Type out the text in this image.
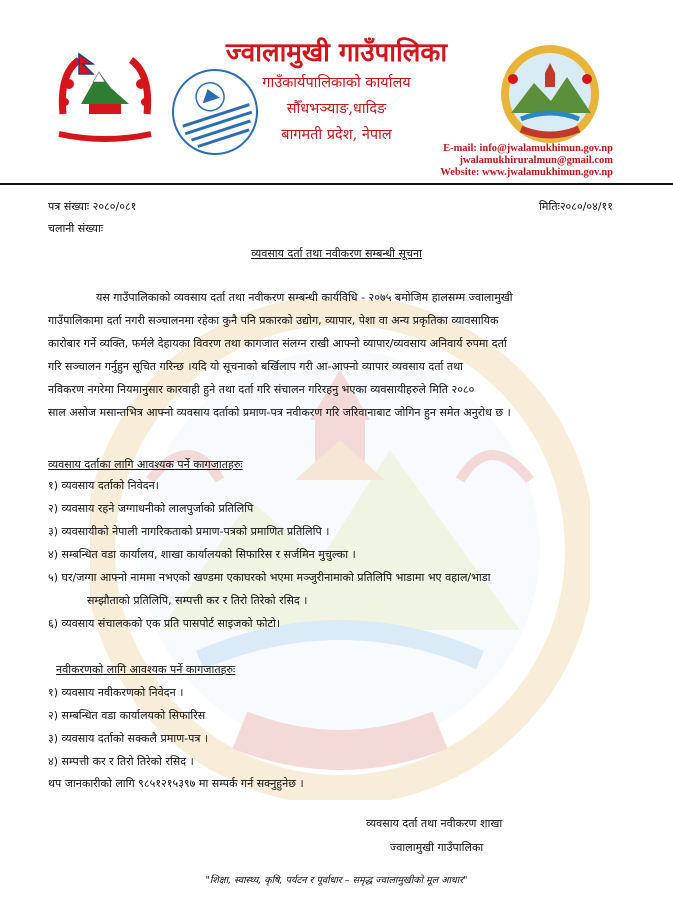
ज्वालामुखी गाउँपालिका
गाउँकार्यपालिकाको कार्यालय
सौँधभञ्याङ,धादिङ
बागमती प्रदेश, नेपाल
E-mail: info@jwalamukhimun.gov.np
jwalamukhiruralmun@gmail.com
Website: www.jwalamukhimun.gov.np
पत्र संख्याः २०८०/०८१	मितिः२०८०/०४/११
चलानी संख्याः
व्यवसाय दर्ता तथा नवीकरण सम्बन्धी सूचना
यस गाउँपालिकाको व्यवसाय दर्ता तथा नवीकरण सम्बन्धी कार्यविधि - २०७५ बमोजिम हालसम्म ज्वालामुखी
गाउँपालिकामा दर्ता नगरी सञ्चालनमा रहेका कुनै पनि प्रकारको उद्योग, व्यापार, पेशा वा अन्य प्रकृतिका व्यावसायिक
कारोबार गर्ने व्यक्ति, फर्मले देहायका विवरण तथा कागजात संलग्न राखी आफ्नो व्यापार/व्यवसाय अनिवार्य रुपमा दर्ता
गरि सञ्चालन गर्नुहुन सूचित गरिन्छ ।यदि यो सूचनाको बर्खिलाप गरी आ-आफ्नो व्यापार व्यवसाय दर्ता तथा
नविकरण नगरेमा नियमानुसार कारवाही हुने तथा दर्ता गरि संचालन गरिरहनु भएका व्यवसायीहरुले मिति २०८०
साल असोज मसान्तभित्र आफ्नो व्यवसाय दर्ताको प्रमाण-पत्र नवीकरण गरि जरिवानाबाट जोगिन हुन समेत अनुरोध छ ।
व्यवसाय दर्ताका लागि आवश्यक पर्ने कागजातहरुः
१) व्यवसाय दर्ताको निवेदन।
२) व्यवसाय रहने जग्गाधनीको लालपुर्जाको प्रतिलिपि
३) व्यवसायीको नेपाली नागरिकताको प्रमाण-पत्रको प्रमाणित प्रतिलिपि ।
४) सम्बन्धित वडा कार्यालय, शाखा कार्यालयको सिफारिस र सर्जमिन मुचुल्का ।
५) घर/जग्गा आफ्नो नाममा नभएको खण्डमा एकाघरको भएमा मञ्जुरीनामाको प्रतिलिपि भाडामा भए वहाल/भाडा
सम्झौताको प्रतिलिपि, सम्पत्ती कर र तिरो तिरेको रसिद ।
६) व्यवसाय संचालकको एक प्रति पासपोर्ट साइजको फोटो।
नवीकरणको लागि आवश्यक पर्ने कागजातहरुः
१) व्यवसाय नवीकरणको निवेदन ।
२) सम्बन्धित वडा कार्यालयको सिफारिस
३) व्यवसाय दर्ताको सक्कलै प्रमाण-पत्र ।
४) सम्पत्ती कर र तिरो तिरेको रसिद ।
थप जानकारीको लागि ९८५१२१५३९७ मा सम्पर्क गर्न सक्नुहुनेछ ।
व्यवसाय दर्ता तथा नवीकरण शाखा
ज्वालामुखी गाउँपालिका
"शिक्षा, स्वास्थ्य, कृषि, पर्यटन र पूर्वाधार – समृद्ध ज्वालामुखीको मूल आधार"
